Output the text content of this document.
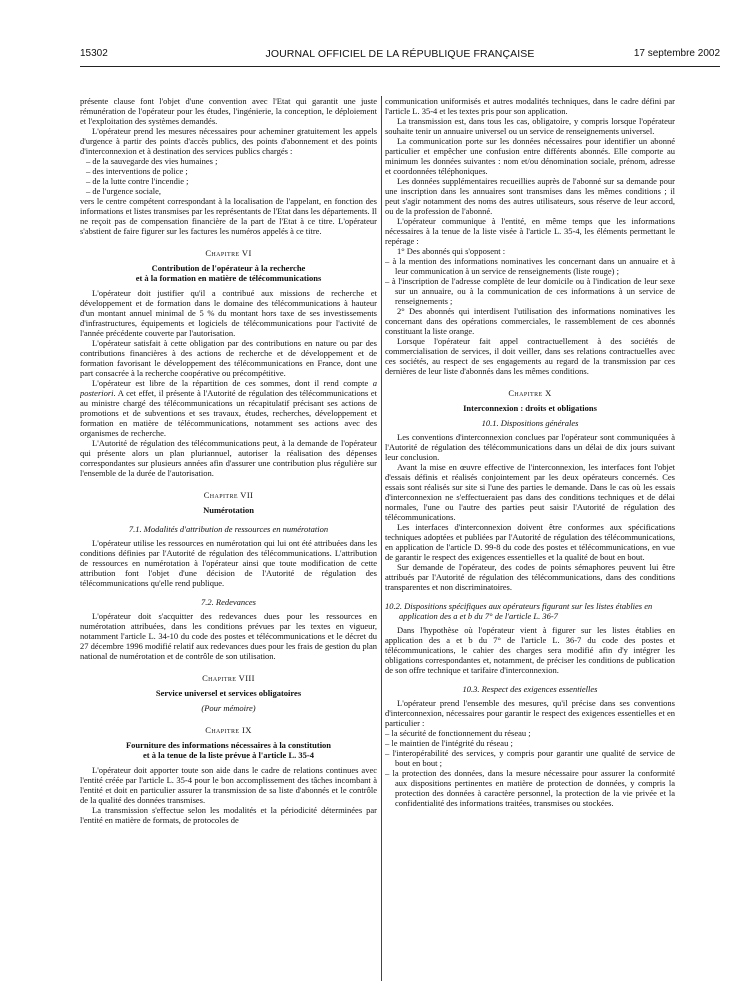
15302	JOURNAL OFFICIEL DE LA RÉPUBLIQUE FRANÇAISE	17 septembre 2002

présente clause font l'objet d'une convention avec l'Etat qui garantit une juste rémunération de l'opérateur pour les études, l'ingénierie, la conception, le déploiement et l'exploitation des systèmes demandés.

L'opérateur prend les mesures nécessaires pour acheminer gratuitement les appels d'urgence à partir des points d'accès publics, des points d'abonnement et des points d'interconnexion et à destination des services publics chargés :

– de la sauvegarde des vies humaines ;

– des interventions de police ;

– de la lutte contre l'incendie ;

– de l'urgence sociale,

vers le centre compétent correspondant à la localisation de l'appelant, en fonction des informations et listes transmises par les représentants de l'Etat dans les départements. Il ne reçoit pas de compensation financière de la part de l'Etat à ce titre. L'opérateur s'abstient de faire figurer sur les factures les numéros appelés à ce titre.

Chapitre VI
Contribution de l'opérateur à la recherche
et à la formation en matière de télécommunications

L'opérateur doit justifier qu'il a contribué aux missions de recherche et développement et de formation dans le domaine des télécommunications à hauteur d'un montant annuel minimal de 5 % du montant hors taxe de ses investissements d'infrastructures, équipements et logiciels de télécommunications pour l'activité de l'année précédente couverte par l'autorisation.

L'opérateur satisfait à cette obligation par des contributions en nature ou par des contributions financières à des actions de recherche et de développement et de formation favorisant le développement des télécommunications en France, dont une part consacrée à la recherche coopérative ou précompétitive.

L'opérateur est libre de la répartition de ces sommes, dont il rend compte a posteriori. A cet effet, il présente à l'Autorité de régulation des télécommunications et au ministre chargé des télécommunications un récapitulatif précisant ses actions de promotions et de subventions et ses travaux, études, recherches, développement et formation en matière de télécommunications, notamment ses actions avec des organismes de recherche.

L'Autorité de régulation des télécommunications peut, à la demande de l'opérateur qui présente alors un plan pluriannuel, autoriser la réalisation des dépenses correspondantes sur plusieurs années afin d'assurer une contribution plus régulière sur l'ensemble de la durée de l'autorisation.

Chapitre VII
Numérotation
7.1. Modalités d'attribution de ressources en numérotation

L'opérateur utilise les ressources en numérotation qui lui ont été attribuées dans les conditions définies par l'Autorité de régulation des télécommunications. L'attribution de ressources en numérotation à l'opérateur ainsi que toute modification de cette attribution font l'objet d'une décision de l'Autorité de régulation des télécommunications qu'elle rend publique.

7.2. Redevances

L'opérateur doit s'acquitter des redevances dues pour les ressources en numérotation attribuées, dans les conditions prévues par les textes en vigueur, notamment l'article L. 34-10 du code des postes et télécommunications et le décret du 27 décembre 1996 modifié relatif aux redevances dues pour les frais de gestion du plan national de numérotation et de contrôle de son utilisation.

Chapitre VIII
Service universel et services obligatoires
(Pour mémoire)
Chapitre IX
Fourniture des informations nécessaires à la constitution
et à la tenue de la liste prévue à l'article L. 35-4

L'opérateur doit apporter toute son aide dans le cadre de relations continues avec l'entité créée par l'article L. 35-4 pour le bon accomplissement des tâches incombant à l'entité et doit en particulier assurer la transmission de sa liste d'abonnés et le contrôle de la qualité des données transmises.

La transmission s'effectue selon les modalités et la périodicité déterminées par l'entité en matière de formats, de protocoles de

communication uniformisés et autres modalités techniques, dans le cadre défini par l'article L. 35-4 et les textes pris pour son application.

La transmission est, dans tous les cas, obligatoire, y compris lorsque l'opérateur souhaite tenir un annuaire universel ou un service de renseignements universel.

La communication porte sur les données nécessaires pour identifier un abonné particulier et empêcher une confusion entre différents abonnés. Elle comporte au minimum les données suivantes : nom et/ou dénomination sociale, prénom, adresse et coordonnées téléphoniques.

Les données supplémentaires recueillies auprès de l'abonné sur sa demande pour une inscription dans les annuaires sont transmises dans les mêmes conditions ; il peut s'agir notamment des noms des autres utilisateurs, sous réserve de leur accord, ou de la profession de l'abonné.

L'opérateur communique à l'entité, en même temps que les informations nécessaires à la tenue de la liste visée à l'article L. 35-4, les éléments permettant le repérage :

1° Des abonnés qui s'opposent :

– à la mention des informations nominatives les concernant dans un annuaire et à leur communication à un service de renseignements (liste rouge) ;

– à l'inscription de l'adresse complète de leur domicile ou à l'indication de leur sexe sur un annuaire, ou à la communication de ces informations à un service de renseignements ;

2° Des abonnés qui interdisent l'utilisation des informations nominatives les concernant dans des opérations commerciales, le rassemblement de ces abonnés constituant la liste orange.

Lorsque l'opérateur fait appel contractuellement à des sociétés de commercialisation de services, il doit veiller, dans ses relations contractuelles avec ces sociétés, au respect de ses engagements au regard de la transmission par ces dernières de leur liste d'abonnés dans les mêmes conditions.

Chapitre X
Interconnexion : droits et obligations
10.1. Dispositions générales

Les conventions d'interconnexion conclues par l'opérateur sont communiquées à l'Autorité de régulation des télécommunications dans un délai de dix jours suivant leur conclusion.

Avant la mise en œuvre effective de l'interconnexion, les interfaces font l'objet d'essais définis et réalisés conjointement par les deux opérateurs concernés. Ces essais sont réalisés sur site si l'une des parties le demande. Dans le cas où les essais d'interconnexion ne s'effectueraient pas dans des conditions techniques et de délai normales, l'une ou l'autre des parties peut saisir l'Autorité de régulation des télécommunications.

Les interfaces d'interconnexion doivent être conformes aux spécifications techniques adoptées et publiées par l'Autorité de régulation des télécommunications, en application de l'article D. 99-8 du code des postes et télécommunications, en vue de garantir le respect des exigences essentielles et la qualité de bout en bout.

Sur demande de l'opérateur, des codes de points sémaphores peuvent lui être attribués par l'Autorité de régulation des télécommunications, dans des conditions transparentes et non discriminatoires.

10.2. Dispositions spécifiques aux opérateurs figurant sur les listes établies en application des a et b du 7° de l'article L. 36-7

Dans l'hypothèse où l'opérateur vient à figurer sur les listes établies en application des a et b du 7° de l'article L. 36-7 du code des postes et télécommunications, le cahier des charges sera modifié afin d'y intégrer les obligations correspondantes et, notamment, de préciser les conditions de publication de son offre technique et tarifaire d'interconnexion.

10.3. Respect des exigences essentielles

L'opérateur prend l'ensemble des mesures, qu'il précise dans ses conventions d'interconnexion, nécessaires pour garantir le respect des exigences essentielles et en particulier :

– la sécurité de fonctionnement du réseau ;

– le maintien de l'intégrité du réseau ;

– l'interopérabilité des services, y compris pour garantir une qualité de service de bout en bout ;

– la protection des données, dans la mesure nécessaire pour assurer la conformité aux dispositions pertinentes en matière de protection de données, y compris la protection des données à caractère personnel, la protection de la vie privée et la confidentialité des informations traitées, transmises ou stockées.
